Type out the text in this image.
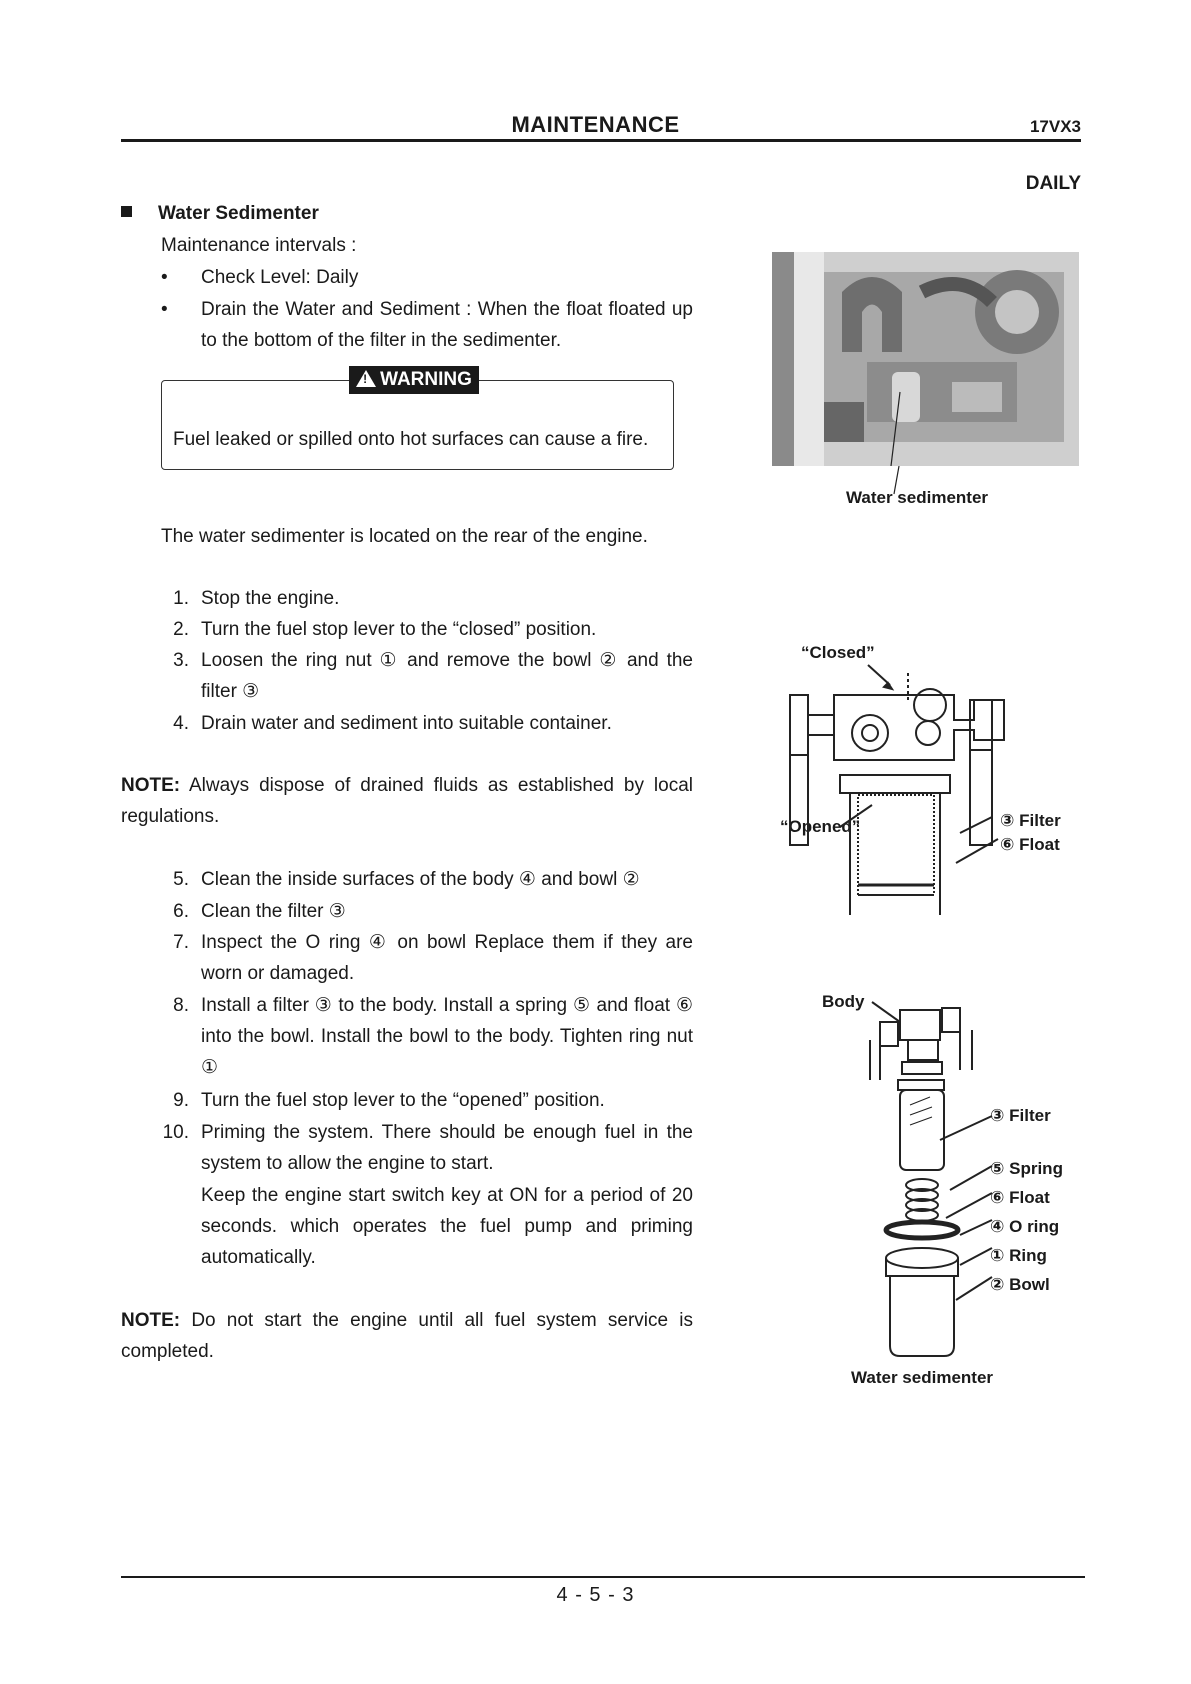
MAINTENANCE	17VX3
DAILY
Water Sedimenter
Maintenance intervals :
• Check Level: Daily
• Drain the Water and Sediment : When the float floated up to the bottom of the filter in the sedimenter.
!WARNING
Fuel leaked or spilled onto hot surfaces can cause a fire.
The water sedimenter is located on the rear of the engine.
1. Stop the engine.
2. Turn the fuel stop lever to the “closed” position.
3. Loosen the ring nut ① and remove the bowl ② and the filter ③
4. Drain water and sediment into suitable container.
NOTE: Always dispose of drained fluids as established by local regulations.
5. Clean the inside surfaces of the body ④ and bowl ②
6. Clean the filter ③
7. Inspect the O ring ④ on bowl Replace them if they are worn or damaged.
8. Install a filter ③ to the body. Install a spring ⑤ and float ⑥ into the bowl. Install the bowl to the body. Tighten ring nut ①
9. Turn the fuel stop lever to the “opened” position.
10. Priming the system. There should be enough fuel in the system to allow the engine to start.
Keep the engine start switch key at ON for a period of 20 seconds. which operates the fuel pump and priming automatically.
NOTE: Do not start the engine until all fuel system service is completed.
Water sedimenter
“Closed”
“Opened”	③ Filter
⑥ Float
Body
③ Filter
⑤ Spring
⑥ Float
④ O ring
① Ring
② Bowl
Water sedimenter
4 - 5 - 3
